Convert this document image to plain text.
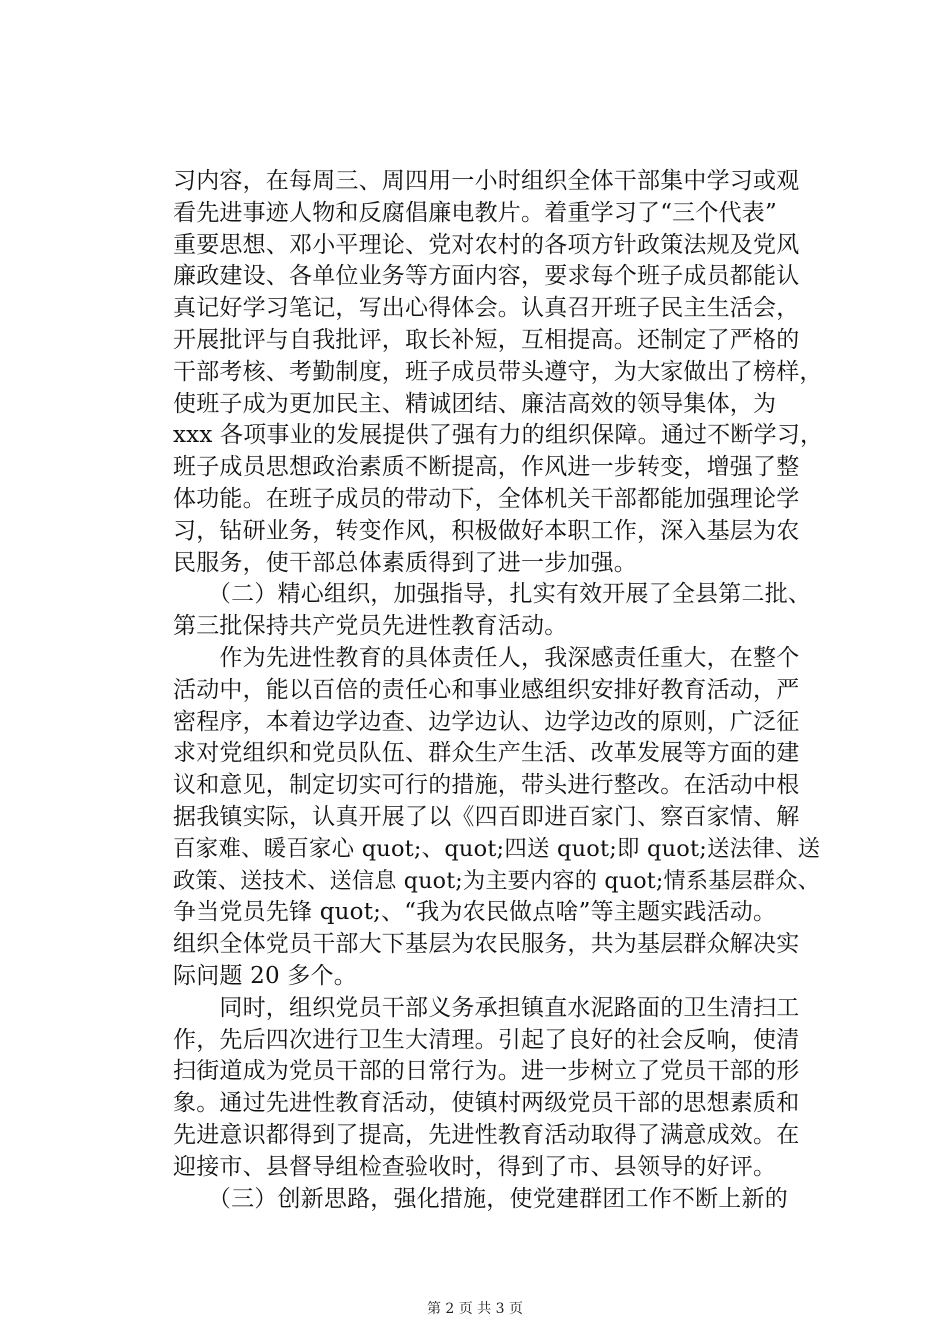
习内容，在每周三、周四用一小时组织全体干部集中学习或观
看先进事迹人物和反腐倡廉电教片。着重学习了“三个代表”
重要思想、邓小平理论、党对农村的各项方针政策法规及党风
廉政建设、各单位业务等方面内容，要求每个班子成员都能认
真记好学习笔记，写出心得体会。认真召开班子民主生活会，
开展批评与自我批评，取长补短，互相提高。还制定了严格的
干部考核、考勤制度，班子成员带头遵守，为大家做出了榜样，
使班子成为更加民主、精诚团结、廉洁高效的领导集体，为
xxx 各项事业的发展提供了强有力的组织保障。通过不断学习，
班子成员思想政治素质不断提高，作风进一步转变，增强了整
体功能。在班子成员的带动下，全体机关干部都能加强理论学
习，钻研业务，转变作风，积极做好本职工作，深入基层为农
民服务，使干部总体素质得到了进一步加强。
　　（二）精心组织，加强指导，扎实有效开展了全县第二批、
第三批保持共产党员先进性教育活动。
　　作为先进性教育的具体责任人，我深感责任重大，在整个
活动中，能以百倍的责任心和事业感组织安排好教育活动，严
密程序，本着边学边查、边学边认、边学边改的原则，广泛征
求对党组织和党员队伍、群众生产生活、改革发展等方面的建
议和意见，制定切实可行的措施，带头进行整改。在活动中根
据我镇实际，认真开展了以《四百即进百家门、察百家情、解
百家难、暖百家心 quot;、quot;四送 quot;即 quot;送法律、送
政策、送技术、送信息 quot;为主要内容的 quot;情系基层群众、
争当党员先锋 quot;、“我为农民做点啥”等主题实践活动。
组织全体党员干部大下基层为农民服务，共为基层群众解决实
际问题 20 多个。
　　同时，组织党员干部义务承担镇直水泥路面的卫生清扫工
作，先后四次进行卫生大清理。引起了良好的社会反响，使清
扫街道成为党员干部的日常行为。进一步树立了党员干部的形
象。通过先进性教育活动，使镇村两级党员干部的思想素质和
先进意识都得到了提高，先进性教育活动取得了满意成效。在
迎接市、县督导组检查验收时，得到了市、县领导的好评。
　　（三）创新思路，强化措施，使党建群团工作不断上新的
第 2 页 共 3 页
